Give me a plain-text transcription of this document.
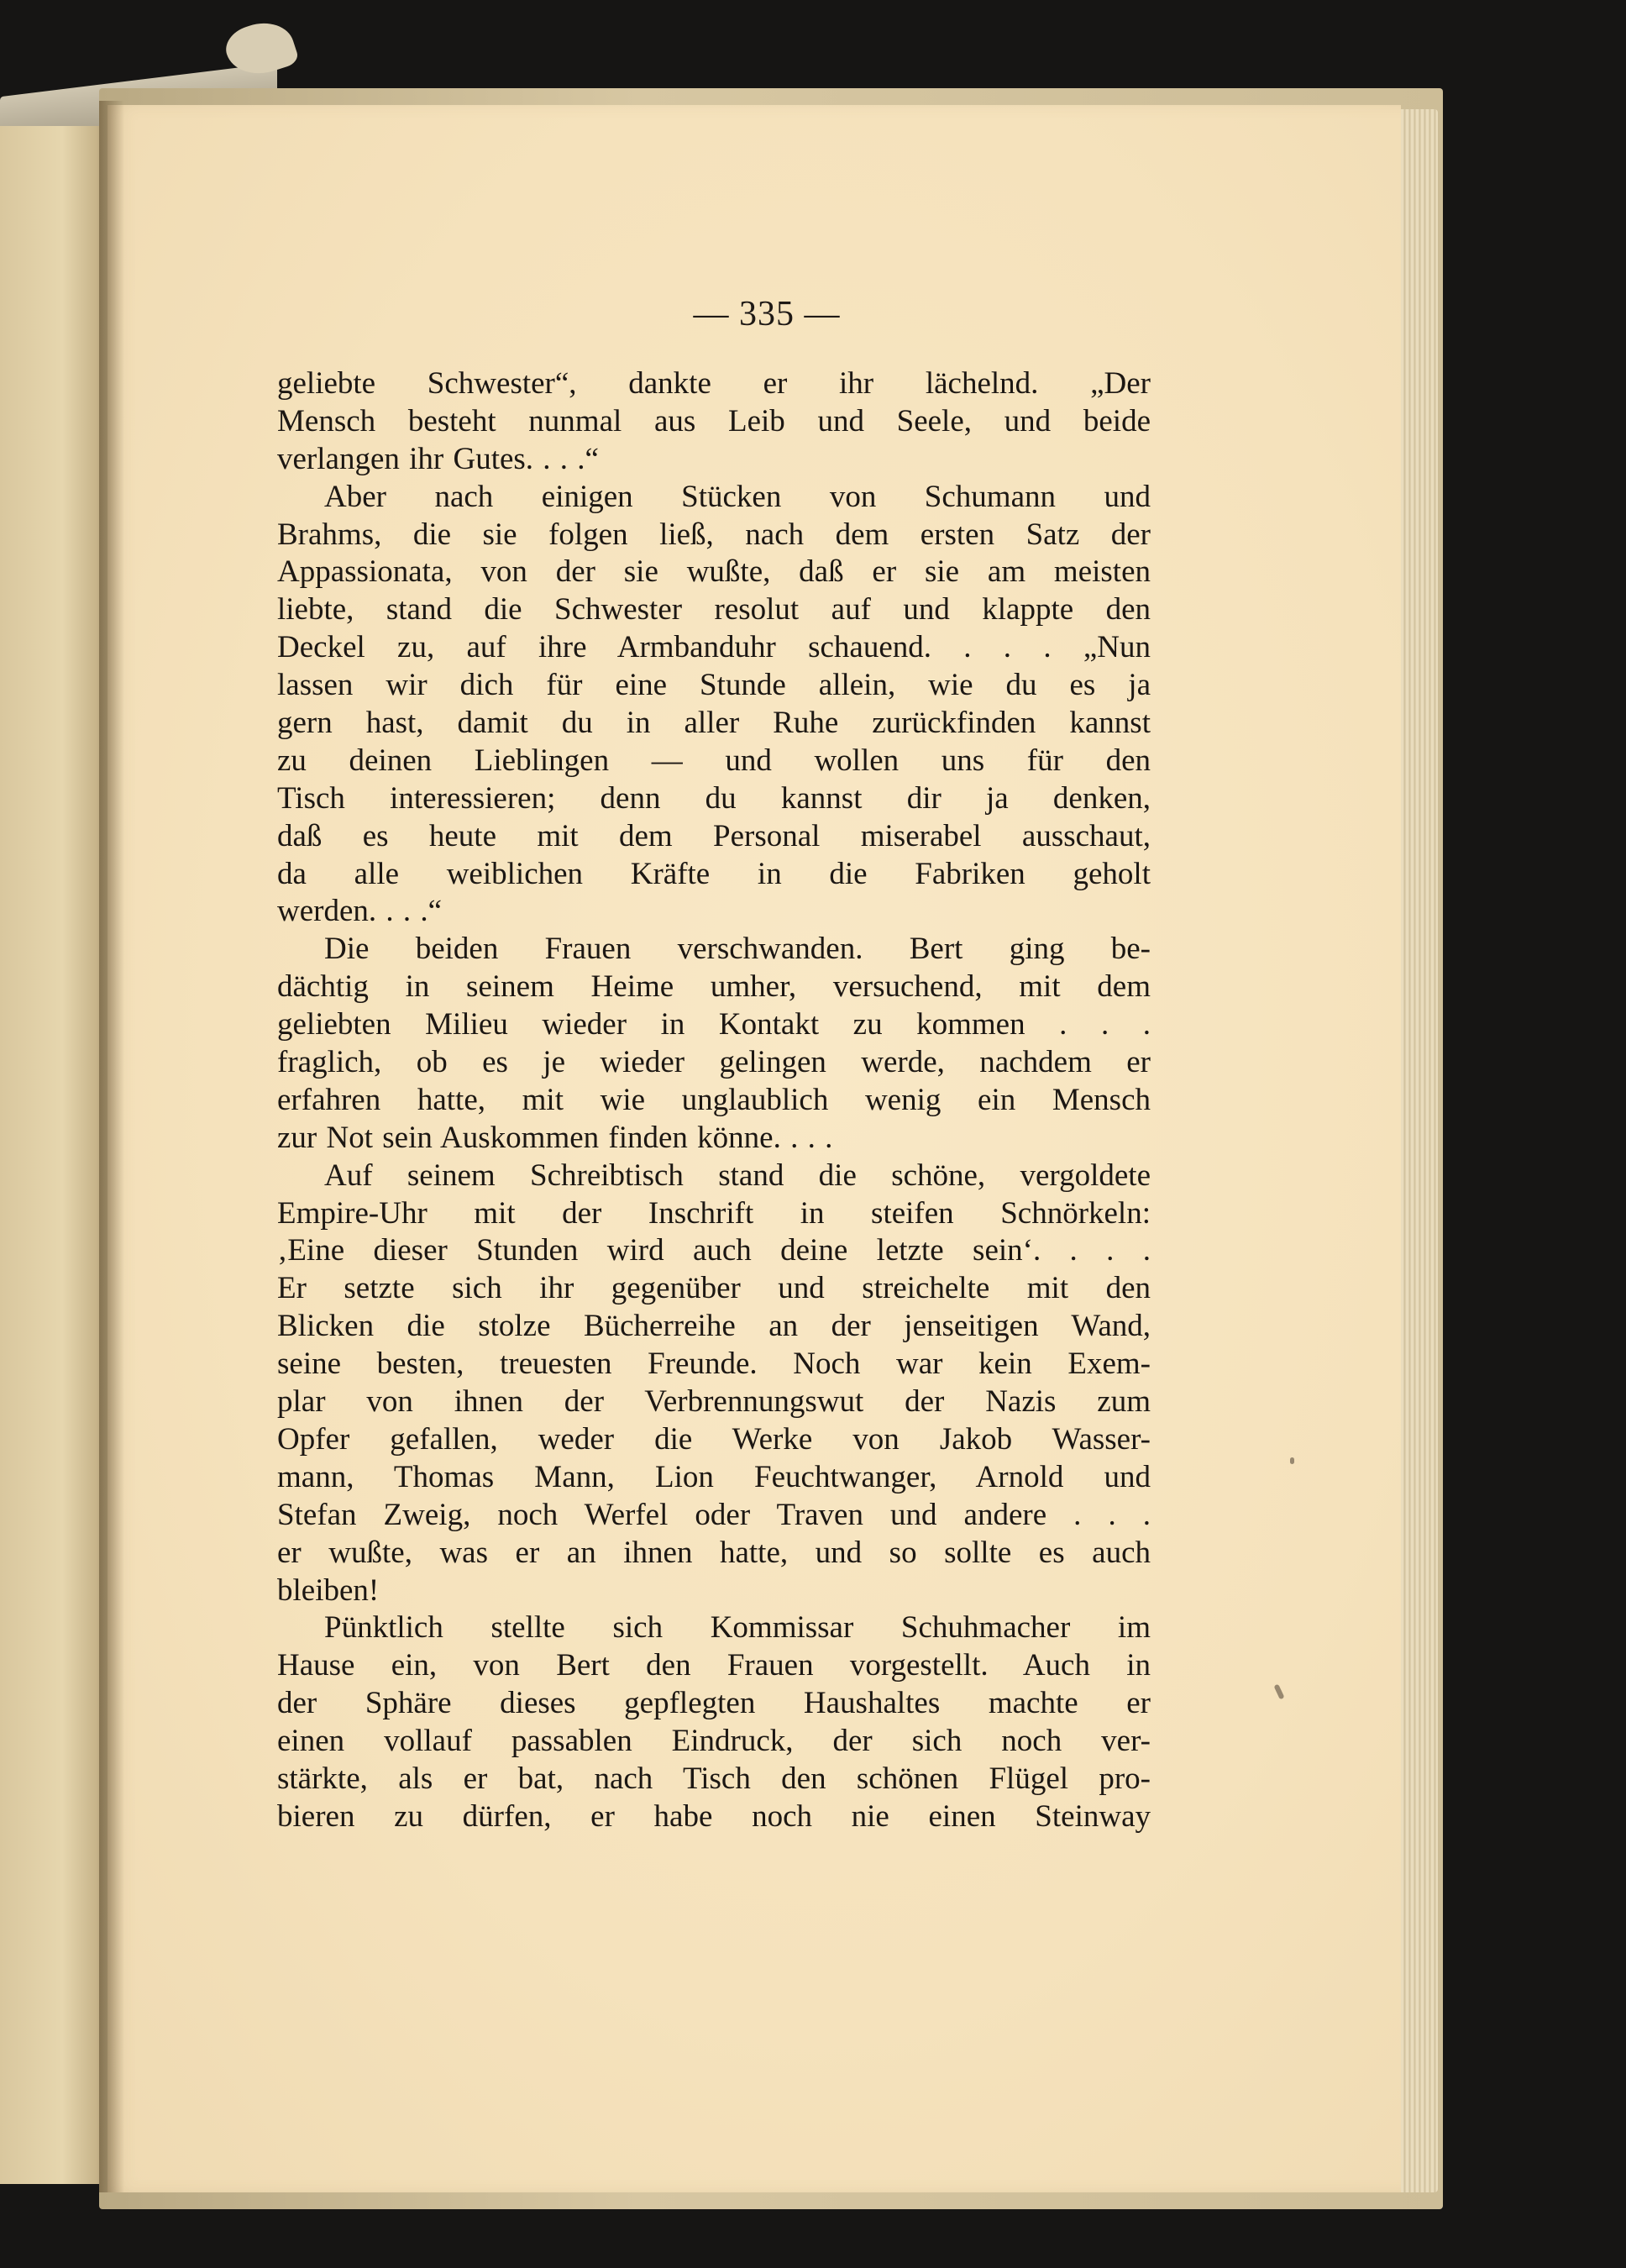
— 335 —
geliebte Schwester“, dankte er ihr lächelnd. „Der
Mensch besteht nunmal aus Leib und Seele, und beide
verlangen ihr Gutes. . . .“
Aber nach einigen Stücken von Schumann und
Brahms, die sie folgen ließ, nach dem ersten Satz der
Appassionata, von der sie wußte, daß er sie am meisten
liebte, stand die Schwester resolut auf und klappte den
Deckel zu, auf ihre Armbanduhr schauend. . . . „Nun
lassen wir dich für eine Stunde allein, wie du es ja
gern hast, damit du in aller Ruhe zurückfinden kannst
zu deinen Lieblingen — und wollen uns für den
Tisch interessieren; denn du kannst dir ja denken,
daß es heute mit dem Personal miserabel ausschaut,
da alle weiblichen Kräfte in die Fabriken geholt
werden. . . .“
Die beiden Frauen verschwanden. Bert ging be-
dächtig in seinem Heime umher, versuchend, mit dem
geliebten Milieu wieder in Kontakt zu kommen . . .
fraglich, ob es je wieder gelingen werde, nachdem er
erfahren hatte, mit wie unglaublich wenig ein Mensch
zur Not sein Auskommen finden könne. . . .
Auf seinem Schreibtisch stand die schöne, vergoldete
Empire-Uhr mit der Inschrift in steifen Schnörkeln:
‚Eine dieser Stunden wird auch deine letzte sein‘. . . .
Er setzte sich ihr gegenüber und streichelte mit den
Blicken die stolze Bücherreihe an der jenseitigen Wand,
seine besten, treuesten Freunde. Noch war kein Exem-
plar von ihnen der Verbrennungswut der Nazis zum
Opfer gefallen, weder die Werke von Jakob Wasser-
mann, Thomas Mann, Lion Feuchtwanger, Arnold und
Stefan Zweig, noch Werfel oder Traven und andere . . .
er wußte, was er an ihnen hatte, und so sollte es auch
bleiben!
Pünktlich stellte sich Kommissar Schuhmacher im
Hause ein, von Bert den Frauen vorgestellt. Auch in
der Sphäre dieses gepflegten Haushaltes machte er
einen vollauf passablen Eindruck, der sich noch ver-
stärkte, als er bat, nach Tisch den schönen Flügel pro-
bieren zu dürfen, er habe noch nie einen Steinway
